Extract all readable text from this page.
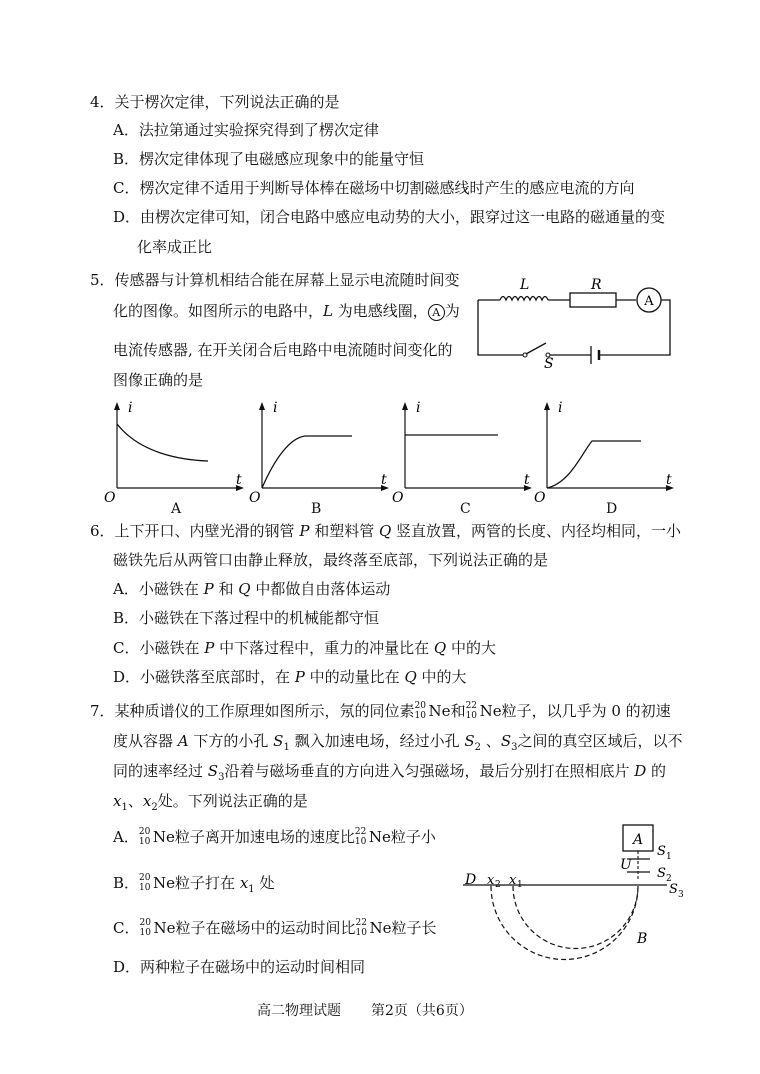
4．关于楞次定律，下列说法正确的是
A．法拉第通过实验探究得到了楞次定律
B．楞次定律体现了电磁感应现象中的能量守恒
C．楞次定律不适用于判断导体棒在磁场中切割磁感线时产生的感应电流的方向
D．由楞次定律可知，闭合电路中感应电动势的大小，跟穿过这一电路的磁通量的变
化率成正比
5．传感器与计算机相结合能在屏幕上显示电流随时间变
化的图像。如图所示的电路中，L 为电感线圈， A 为
电流传感器, 在开关闭合后电路中电流随时间变化的
图像正确的是
A
L	R
S
i
t
O
A
i
t
O
B
i
t
O
C
i
t
O
D
6．上下开口、内壁光滑的钢管 P 和塑料管 Q 竖直放置，两管的长度、内径均相同，一小
磁铁先后从两管口由静止释放，最终落至底部，下列说法正确的是
A．小磁铁在 P 和 Q 中都做自由落体运动
B．小磁铁在下落过程中的机械能都守恒
C．小磁铁在 P 中下落过程中，重力的冲量比在 Q 中的大
D．小磁铁落至底部时，在 P 中的动量比在 Q 中的大
7．某种质谱仪的工作原理如图所示，氖的同位素 20
10 Ne和 22
10 Ne粒子，以几乎为 0 的初速
度从容器 A 下方的小孔 $S_1$ 飘入加速电场，经过小孔 $S_2$ 、$S_3$之间的真空区域后，以不
同的速率经过 $S_3$沿着与磁场垂直的方向进入匀强磁场，最后分别打在照相底片 D 的
$x_1$、$x_2$处。下列说法正确的是
A． 20
10 Ne粒子离开加速电场的速度比 22
10 Ne粒子小
B． 20
10 Ne粒子打在 $x_1$ 处
C． 20
10 Ne粒子在磁场中的运动时间比 22
10 Ne粒子长
D．两种粒子在磁场中的运动时间相同
A
U
S 1
S 2
S 3
D x 2 x 1
B
高二物理试题 第2页（共6页）
